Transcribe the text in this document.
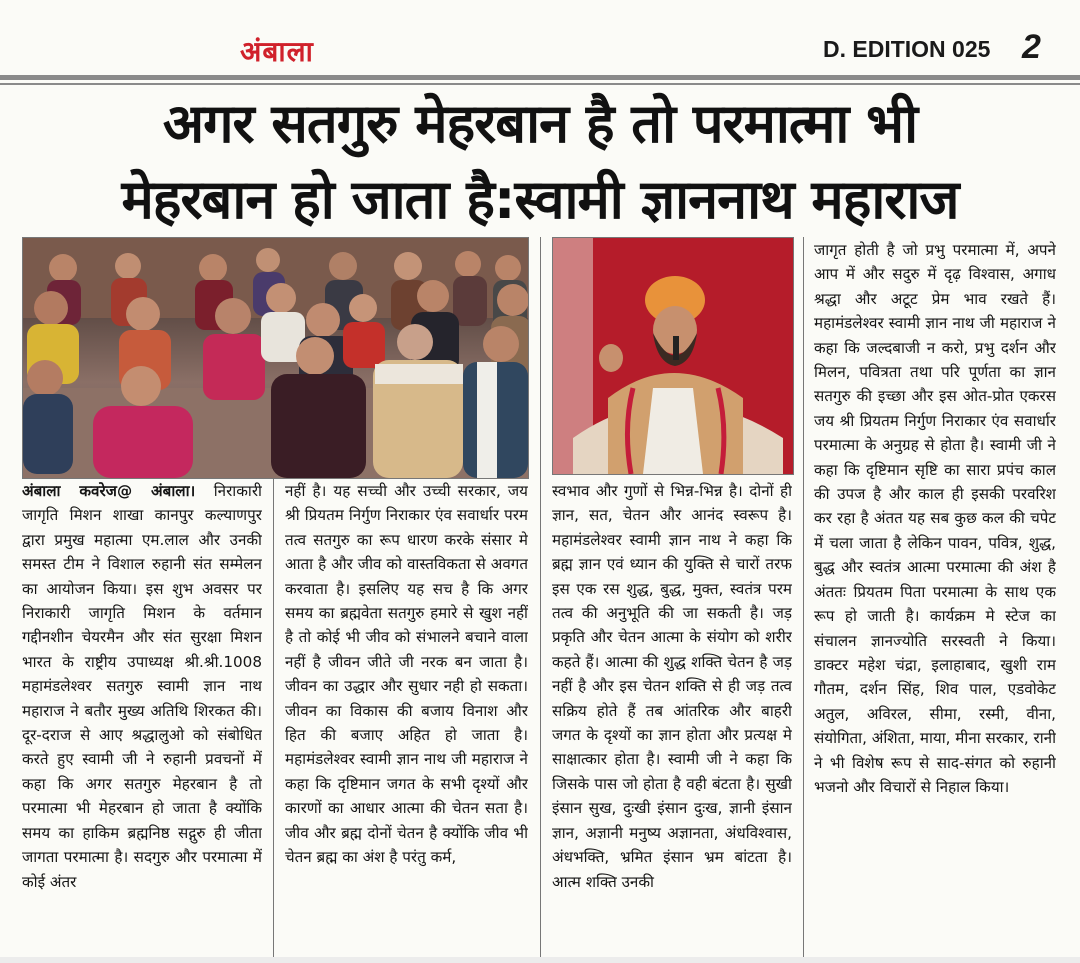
अंबाला	D. EDITION 025 2
अगर सतगुरु मेहरबान है तो परमात्मा भी
मेहरबान हो जाता है:स्वामी ज्ञाननाथ महाराज
अंबाला कवरेज@ अंबाला। निराकारी जागृति मिशन शाखा कानपुर कल्याणपुर द्वारा प्रमुख महात्मा एम.लाल और उनकी समस्त टीम ने विशाल रुहानी संत सम्मेलन का आयोजन किया। इस शुभ अवसर पर निराकारी जागृति मिशन के वर्तमान गद्दीनशीन चेयरमैन और संत सुरक्षा मिशन भारत के राष्ट्रीय उपाध्यक्ष श्री.श्री.1008 महामंडलेश्वर सतगुरु स्वामी ज्ञान नाथ महाराज ने बतौर मुख्य अतिथि शिरकत की। दूर-दराज से आए श्रद्धालुओ को संबोधित करते हुए स्वामी जी ने रुहानी प्रवचनों में कहा कि अगर सतगुरु मेहरबान है तो परमात्मा भी मेहरबान हो जाता है क्योंकि समय का हाकिम ब्रह्मनिष्ठ सद्गुरु ही जीता जागता परमात्मा है। सदगुरु और परमात्मा में कोई अंतर
नहीं है। यह सच्ची और उच्ची सरकार, जय श्री प्रियतम निर्गुण निराकार एंव सवार्धार परम तत्व सतगुरु का रूप धारण करके संसार मे आता है और जीव को वास्तविकता से अवगत करवाता है। इसलिए यह सच है कि अगर समय का ब्रह्मवेता सतगुरु हमारे से खुश नहीं है तो कोई भी जीव को संभालने बचाने वाला नहीं है जीवन जीते जी नरक बन जाता है। जीवन का उद्धार और सुधार नही हो सकता। जीवन का विकास की बजाय विनाश और हित की बजाए अहित हो जाता है। महामंडलेश्वर स्वामी ज्ञान नाथ जी महाराज ने कहा कि दृष्टिमान जगत के सभी दृश्यों और कारणों का आधार आत्मा की चेतन सता है। जीव और ब्रह्म दोनों चेतन है क्योंकि जीव भी चेतन ब्रह्म का अंश है परंतु कर्म,
स्वभाव और गुणों से भिन्न-भिन्न है। दोनों ही ज्ञान, सत, चेतन और आनंद स्वरूप है। महामंडलेश्वर स्वामी ज्ञान नाथ ने कहा कि ब्रह्म ज्ञान एवं ध्यान की युक्ति से चारों तरफ इस एक रस शुद्ध, बुद्ध, मुक्त, स्वतंत्र परम तत्व की अनुभूति की जा सकती है। जड़ प्रकृति और चेतन आत्मा के संयोग को शरीर कहते हैं। आत्मा की शुद्ध शक्ति चेतन है जड़ नहीं है और इस चेतन शक्ति से ही जड़ तत्व सक्रिय होते हैं तब आंतरिक और बाहरी जगत के दृश्यों का ज्ञान होता और प्रत्यक्ष मे साक्षात्कार होता है। स्वामी जी ने कहा कि जिसके पास जो होता है वही बंटता है। सुखी इंसान सुख, दुःखी इंसान दुःख, ज्ञानी इंसान ज्ञान, अज्ञानी मनुष्य अज्ञानता, अंधविश्वास, अंधभक्ति, भ्रमित इंसान भ्रम बांटता है। आत्म शक्ति उनकी
जागृत होती है जो प्रभु परमात्मा में, अपने आप में और सदुरु में दृढ़ विश्वास, अगाध श्रद्धा और अटूट प्रेम भाव रखते हैं। महामंडलेश्वर स्वामी ज्ञान नाथ जी महाराज ने कहा कि जल्दबाजी न करो, प्रभु दर्शन और मिलन, पवित्रता तथा परि पूर्णता का ज्ञान सतगुरु की इच्छा और इस ओत-प्रोत एकरस जय श्री प्रियतम निर्गुण निराकार एंव सवार्धार परमात्मा के अनुग्रह से होता है। स्वामी जी ने कहा कि दृष्टिमान सृष्टि का सारा प्रपंच काल की उपज है और काल ही इसकी परवरिश कर रहा है अंतत यह सब कुछ कल की चपेट में चला जाता है लेकिन पावन, पवित्र, शुद्ध, बुद्ध और स्वतंत्र आत्मा परमात्मा की अंश है अंततः प्रियतम पिता परमात्मा के साथ एक रूप हो जाती है। कार्यक्रम मे स्टेज का संचालन ज्ञानज्योति सरस्वती ने किया। डाक्टर महेश चंद्रा, इलाहाबाद, खुशी राम गौतम, दर्शन सिंह, शिव पाल, एडवोकेट अतुल, अविरल, सीमा, रस्मी, वीना, संयोगिता, अंशिता, माया, मीना सरकार, रानी ने भी विशेष रूप से साद-संगत को रुहानी भजनो और विचारों से निहाल किया।
